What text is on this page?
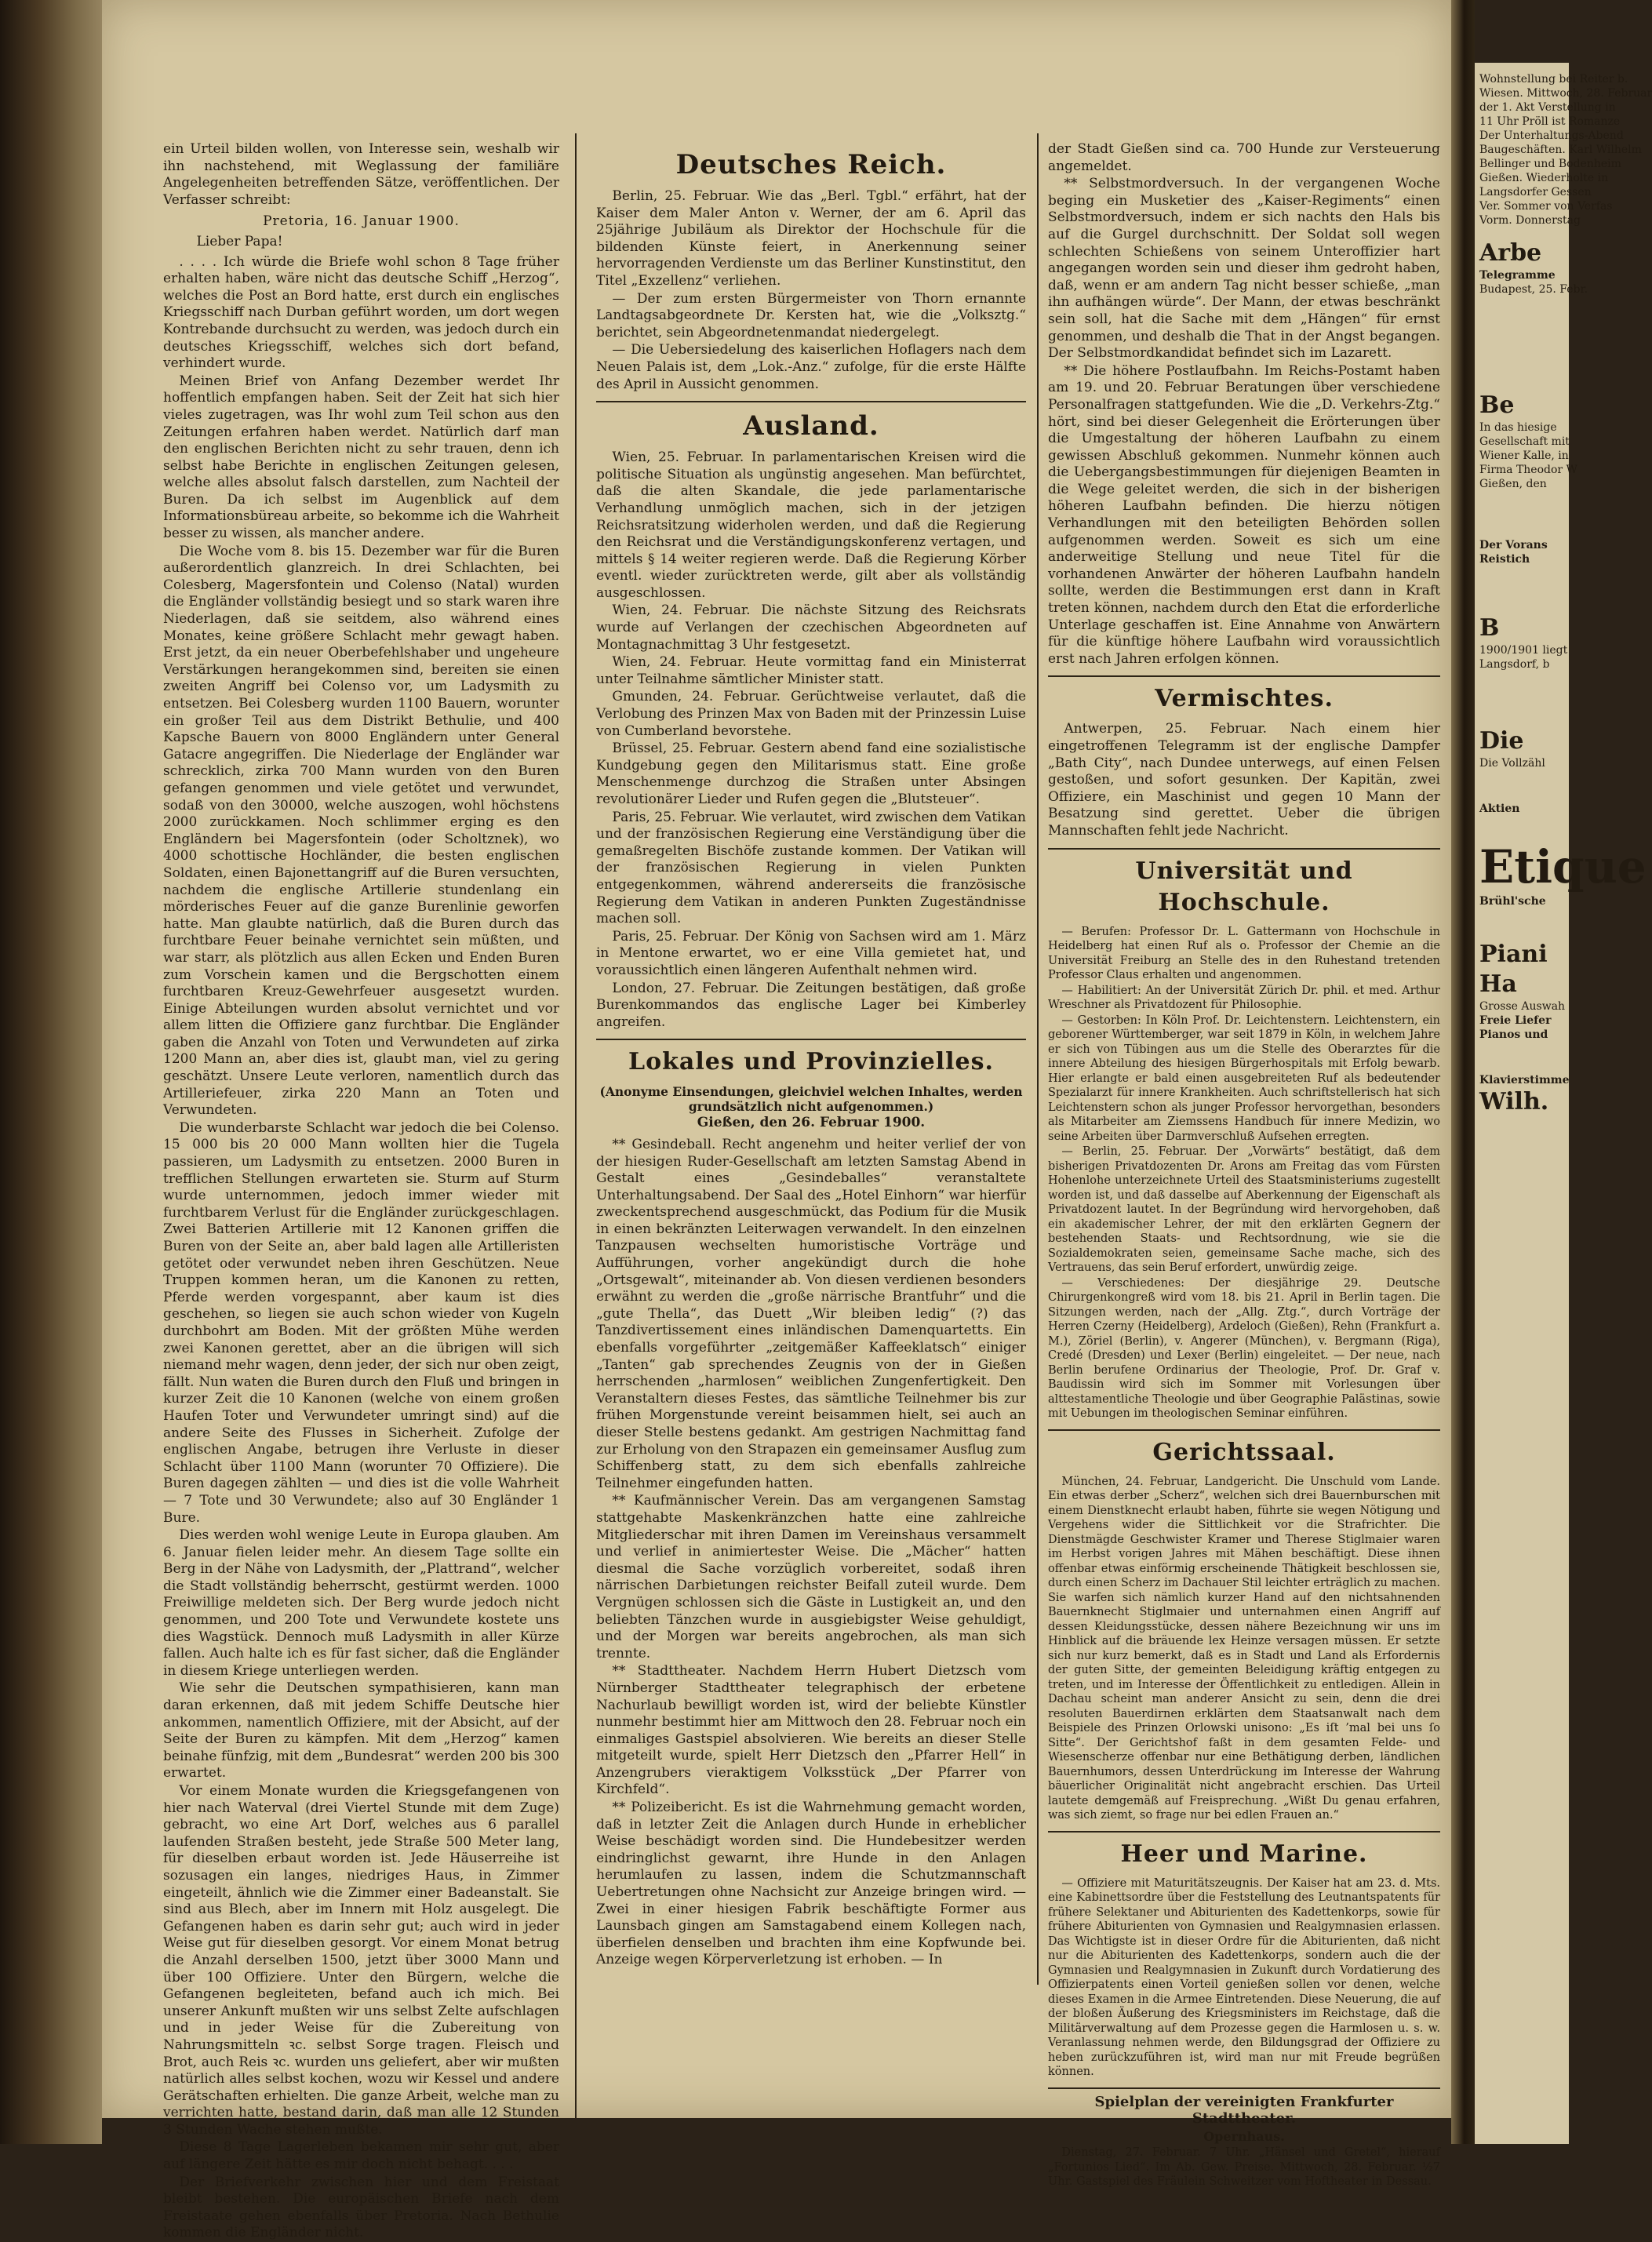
ein Urteil bilden wollen, von Interesse sein, weshalb wir ihn nachstehend, mit Weglassung der familiäre Angelegenheiten betreffenden Sätze, veröffentlichen. Der Verfasser schreibt:

Pretoria, 16. Januar 1900.

Lieber Papa!

. . . . Ich würde die Briefe wohl schon 8 Tage früher erhalten haben, wäre nicht das deutsche Schiff „Herzog“, welches die Post an Bord hatte, erst durch ein englisches Kriegsschiff nach Durban geführt worden, um dort wegen Kontrebande durchsucht zu werden, was jedoch durch ein deutsches Kriegsschiff, welches sich dort befand, verhindert wurde.

Meinen Brief von Anfang Dezember werdet Ihr hoffentlich empfangen haben. Seit der Zeit hat sich hier vieles zugetragen, was Ihr wohl zum Teil schon aus den Zeitungen erfahren haben werdet. Natürlich darf man den englischen Berichten nicht zu sehr trauen, denn ich selbst habe Berichte in englischen Zeitungen gelesen, welche alles absolut falsch darstellen, zum Nachteil der Buren. Da ich selbst im Augenblick auf dem Informationsbüreau arbeite, so bekomme ich die Wahrheit besser zu wissen, als mancher andere.

Die Woche vom 8. bis 15. Dezember war für die Buren außerordentlich glanzreich. In drei Schlachten, bei Colesberg, Magersfontein und Colenso (Natal) wurden die Engländer vollständig besiegt und so stark waren ihre Niederlagen, daß sie seitdem, also während eines Monates, keine größere Schlacht mehr gewagt haben. Erst jetzt, da ein neuer Oberbefehlshaber und ungeheure Verstärkungen herangekommen sind, bereiten sie einen zweiten Angriff bei Colenso vor, um Ladysmith zu entsetzen. Bei Colesberg wurden 1100 Bauern, worunter ein großer Teil aus dem Distrikt Bethulie, und 400 Kapsche Bauern von 8000 Engländern unter General Gatacre angegriffen. Die Niederlage der Engländer war schrecklich, zirka 700 Mann wurden von den Buren gefangen genommen und viele getötet und verwundet, sodaß von den 30000, welche auszogen, wohl höchstens 2000 zurückkamen. Noch schlimmer erging es den Engländern bei Magersfontein (oder Scholtznek), wo 4000 schottische Hochländer, die besten englischen Soldaten, einen Bajonettangriff auf die Buren versuchten, nachdem die englische Artillerie stundenlang ein mörderisches Feuer auf die ganze Burenlinie geworfen hatte. Man glaubte natürlich, daß die Buren durch das furchtbare Feuer beinahe vernichtet sein müßten, und war starr, als plötzlich aus allen Ecken und Enden Buren zum Vorschein kamen und die Bergschotten einem furchtbaren Kreuz-Gewehrfeuer ausgesetzt wurden. Einige Abteilungen wurden absolut vernichtet und vor allem litten die Offiziere ganz furchtbar. Die Engländer gaben die Anzahl von Toten und Verwundeten auf zirka 1200 Mann an, aber dies ist, glaubt man, viel zu gering geschätzt. Unsere Leute verloren, namentlich durch das Artilleriefeuer, zirka 220 Mann an Toten und Verwundeten.

Die wunderbarste Schlacht war jedoch die bei Colenso. 15 000 bis 20 000 Mann wollten hier die Tugela passieren, um Ladysmith zu entsetzen. 2000 Buren in trefflichen Stellungen erwarteten sie. Sturm auf Sturm wurde unternommen, jedoch immer wieder mit furchtbarem Verlust für die Engländer zurückgeschlagen. Zwei Batterien Artillerie mit 12 Kanonen griffen die Buren von der Seite an, aber bald lagen alle Artilleristen getötet oder verwundet neben ihren Geschützen. Neue Truppen kommen heran, um die Kanonen zu retten, Pferde werden vorgespannt, aber kaum ist dies geschehen, so liegen sie auch schon wieder von Kugeln durchbohrt am Boden. Mit der größten Mühe werden zwei Kanonen gerettet, aber an die übrigen will sich niemand mehr wagen, denn jeder, der sich nur oben zeigt, fällt. Nun waten die Buren durch den Fluß und bringen in kurzer Zeit die 10 Kanonen (welche von einem großen Haufen Toter und Verwundeter umringt sind) auf die andere Seite des Flusses in Sicherheit. Zufolge der englischen Angabe, betrugen ihre Verluste in dieser Schlacht über 1100 Mann (worunter 70 Offiziere). Die Buren dagegen zählten — und dies ist die volle Wahrheit — 7 Tote und 30 Verwundete; also auf 30 Engländer 1 Bure.

Dies werden wohl wenige Leute in Europa glauben. Am 6. Januar fielen leider mehr. An diesem Tage sollte ein Berg in der Nähe von Ladysmith, der „Plattrand“, welcher die Stadt vollständig beherrscht, gestürmt werden. 1000 Freiwillige meldeten sich. Der Berg wurde jedoch nicht genommen, und 200 Tote und Verwundete kostete uns dies Wagstück. Dennoch muß Ladysmith in aller Kürze fallen. Auch halte ich es für fast sicher, daß die Engländer in diesem Kriege unterliegen werden.

Wie sehr die Deutschen sympathisieren, kann man daran erkennen, daß mit jedem Schiffe Deutsche hier ankommen, namentlich Offiziere, mit der Absicht, auf der Seite der Buren zu kämpfen. Mit dem „Herzog“ kamen beinahe fünfzig, mit dem „Bundesrat“ werden 200 bis 300 erwartet.

Vor einem Monate wurden die Kriegsgefangenen von hier nach Waterval (drei Viertel Stunde mit dem Zuge) gebracht, wo eine Art Dorf, welches aus 6 parallel laufenden Straßen besteht, jede Straße 500 Meter lang, für dieselben erbaut worden ist. Jede Häuserreihe ist sozusagen ein langes, niedriges Haus, in Zimmer eingeteilt, ähnlich wie die Zimmer einer Badeanstalt. Sie sind aus Blech, aber im Innern mit Holz ausgelegt. Die Gefangenen haben es darin sehr gut; auch wird in jeder Weise gut für dieselben gesorgt. Vor einem Monat betrug die Anzahl derselben 1500, jetzt über 3000 Mann und über 100 Offiziere. Unter den Bürgern, welche die Gefangenen begleiteten, befand auch ich mich. Bei unserer Ankunft mußten wir uns selbst Zelte aufschlagen und in jeder Weise für die Zubereitung von Nahrungsmitteln ꝛc. selbst Sorge tragen. Fleisch und Brot, auch Reis ꝛc. wurden uns geliefert, aber wir mußten natürlich alles selbst kochen, wozu wir Kessel und andere Gerätschaften erhielten. Die ganze Arbeit, welche man zu verrichten hatte, bestand darin, daß man alle 12 Stunden 3 Stunden Wache stehen mußte.

Diese 8 Tage Lagerleben bekamen mir sehr gut, aber auf längere Zeit hätte es mir doch nicht behagt. . . .

Der Briefverkehr zwischen hier und dem Freistaat bleibt bestehen. Die europäischen Briefe nach dem Freistaate gehen ebenfalls über Pretoria. Nach Bethulie kommen die Engländer nicht.

Deutsches Reich.

Berlin, 25. Februar. Wie das „Berl. Tgbl.“ erfährt, hat der Kaiser dem Maler Anton v. Werner, der am 6. April das 25jährige Jubiläum als Direktor der Hochschule für die bildenden Künste feiert, in Anerkennung seiner hervorragenden Verdienste um das Berliner Kunstinstitut, den Titel „Exzellenz“ verliehen.

— Der zum ersten Bürgermeister von Thorn ernannte Landtagsabgeordnete Dr. Kersten hat, wie die „Volksztg.“ berichtet, sein Abgeordnetenmandat niedergelegt.

— Die Uebersiedelung des kaiserlichen Hoflagers nach dem Neuen Palais ist, dem „Lok.-Anz.“ zufolge, für die erste Hälfte des April in Aussicht genommen.

Ausland.

Wien, 25. Februar. In parlamentarischen Kreisen wird die politische Situation als ungünstig angesehen. Man befürchtet, daß die alten Skandale, die jede parlamentarische Verhandlung unmöglich machen, sich in der jetzigen Reichsratsitzung widerholen werden, und daß die Regierung den Reichsrat und die Verständigungskonferenz vertagen, und mittels § 14 weiter regieren werde. Daß die Regierung Körber eventl. wieder zurücktreten werde, gilt aber als vollständig ausgeschlossen.

Wien, 24. Februar. Die nächste Sitzung des Reichsrats wurde auf Verlangen der czechischen Abgeordneten auf Montagnachmittag 3 Uhr festgesetzt.

Wien, 24. Februar. Heute vormittag fand ein Ministerrat unter Teilnahme sämtlicher Minister statt.

Gmunden, 24. Februar. Gerüchtweise verlautet, daß die Verlobung des Prinzen Max von Baden mit der Prinzessin Luise von Cumberland bevorstehe.

Brüssel, 25. Februar. Gestern abend fand eine sozialistische Kundgebung gegen den Militarismus statt. Eine große Menschenmenge durchzog die Straßen unter Absingen revolutionärer Lieder und Rufen gegen die „Blutsteuer“.

Paris, 25. Februar. Wie verlautet, wird zwischen dem Vatikan und der französischen Regierung eine Verständigung über die gemaßregelten Bischöfe zustande kommen. Der Vatikan will der französischen Regierung in vielen Punkten entgegenkommen, während andererseits die französische Regierung dem Vatikan in anderen Punkten Zugeständnisse machen soll.

Paris, 25. Februar. Der König von Sachsen wird am 1. März in Mentone erwartet, wo er eine Villa gemietet hat, und voraussichtlich einen längeren Aufenthalt nehmen wird.

London, 27. Februar. Die Zeitungen bestätigen, daß große Burenkommandos das englische Lager bei Kimberley angreifen.

Lokales und Provinzielles.

(Anonyme Einsendungen, gleichviel welchen Inhaltes, werden grundsätzlich nicht aufgenommen.)

Gießen, den 26. Februar 1900.

** Gesindeball. Recht angenehm und heiter verlief der von der hiesigen Ruder-Gesellschaft am letzten Samstag Abend in Gestalt eines „Gesindeballes“ veranstaltete Unterhaltungsabend. Der Saal des „Hotel Einhorn“ war hierfür zweckentsprechend ausgeschmückt, das Podium für die Musik in einen bekränzten Leiterwagen verwandelt. In den einzelnen Tanzpausen wechselten humoristische Vorträge und Aufführungen, vorher angekündigt durch die hohe „Ortsgewalt“, miteinander ab. Von diesen verdienen besonders erwähnt zu werden die „große närrische Brantfuhr“ und die „gute Thella“, das Duett „Wir bleiben ledig“ (?) das Tanzdivertissement eines inländischen Damenquartetts. Ein ebenfalls vorgeführter „zeitgemäßer Kaffeeklatsch“ einiger „Tanten“ gab sprechendes Zeugnis von der in Gießen herrschenden „harmlosen“ weiblichen Zungenfertigkeit. Den Veranstaltern dieses Festes, das sämtliche Teilnehmer bis zur frühen Morgenstunde vereint beisammen hielt, sei auch an dieser Stelle bestens gedankt. Am gestrigen Nachmittag fand zur Erholung von den Strapazen ein gemeinsamer Ausflug zum Schiffenberg statt, zu dem sich ebenfalls zahlreiche Teilnehmer eingefunden hatten.

** Kaufmännischer Verein. Das am vergangenen Samstag stattgehabte Maskenkränzchen hatte eine zahlreiche Mitgliederschar mit ihren Damen im Vereinshaus versammelt und verlief in animiertester Weise. Die „Mächer“ hatten diesmal die Sache vorzüglich vorbereitet, sodaß ihren närrischen Darbietungen reichster Beifall zuteil wurde. Dem Vergnügen schlossen sich die Gäste in Lustigkeit an, und den beliebten Tänzchen wurde in ausgiebigster Weise gehuldigt, und der Morgen war bereits angebrochen, als man sich trennte.

** Stadttheater. Nachdem Herrn Hubert Dietzsch vom Nürnberger Stadttheater telegraphisch der erbetene Nachurlaub bewilligt worden ist, wird der beliebte Künstler nunmehr bestimmt hier am Mittwoch den 28. Februar noch ein einmaliges Gastspiel absolvieren. Wie bereits an dieser Stelle mitgeteilt wurde, spielt Herr Dietzsch den „Pfarrer Hell“ in Anzengrubers vieraktigem Volksstück „Der Pfarrer von Kirchfeld“.

** Polizeibericht. Es ist die Wahrnehmung gemacht worden, daß in letzter Zeit die Anlagen durch Hunde in erheblicher Weise beschädigt worden sind. Die Hundebesitzer werden eindringlichst gewarnt, ihre Hunde in den Anlagen herumlaufen zu lassen, indem die Schutzmannschaft Uebertretungen ohne Nachsicht zur Anzeige bringen wird. — Zwei in einer hiesigen Fabrik beschäftigte Former aus Launsbach gingen am Samstagabend einem Kollegen nach, überfielen denselben und brachten ihm eine Kopfwunde bei. Anzeige wegen Körperverletzung ist erhoben. — In

der Stadt Gießen sind ca. 700 Hunde zur Versteuerung angemeldet.

** Selbstmordversuch. In der vergangenen Woche beging ein Musketier des „Kaiser-Regiments“ einen Selbstmordversuch, indem er sich nachts den Hals bis auf die Gurgel durchschnitt. Der Soldat soll wegen schlechten Schießens von seinem Unteroffizier hart angegangen worden sein und dieser ihm gedroht haben, daß, wenn er am andern Tag nicht besser schieße, „man ihn aufhängen würde“. Der Mann, der etwas beschränkt sein soll, hat die Sache mit dem „Hängen“ für ernst genommen, und deshalb die That in der Angst begangen. Der Selbstmordkandidat befindet sich im Lazarett.

** Die höhere Postlaufbahn. Im Reichs-Postamt haben am 19. und 20. Februar Beratungen über verschiedene Personalfragen stattgefunden. Wie die „D. Verkehrs-Ztg.“ hört, sind bei dieser Gelegenheit die Erörterungen über die Umgestaltung der höheren Laufbahn zu einem gewissen Abschluß gekommen. Nunmehr können auch die Uebergangsbestimmungen für diejenigen Beamten in die Wege geleitet werden, die sich in der bisherigen höheren Laufbahn befinden. Die hierzu nötigen Verhandlungen mit den beteiligten Behörden sollen aufgenommen werden. Soweit es sich um eine anderweitige Stellung und neue Titel für die vorhandenen Anwärter der höheren Laufbahn handeln sollte, werden die Bestimmungen erst dann in Kraft treten können, nachdem durch den Etat die erforderliche Unterlage geschaffen ist. Eine Annahme von Anwärtern für die künftige höhere Laufbahn wird voraussichtlich erst nach Jahren erfolgen können.

Vermischtes.

Antwerpen, 25. Februar. Nach einem hier eingetroffenen Telegramm ist der englische Dampfer „Bath City“, nach Dundee unterwegs, auf einen Felsen gestoßen, und sofort gesunken. Der Kapitän, zwei Offiziere, ein Maschinist und gegen 10 Mann der Besatzung sind gerettet. Ueber die übrigen Mannschaften fehlt jede Nachricht.

Universität und Hochschule.

— Berufen: Professor Dr. L. Gattermann von Hochschule in Heidelberg hat einen Ruf als o. Professor der Chemie an die Universität Freiburg an Stelle des in den Ruhestand tretenden Professor Claus erhalten und angenommen.

— Habilitiert: An der Universität Zürich Dr. phil. et med. Arthur Wreschner als Privatdozent für Philosophie.

— Gestorben: In Köln Prof. Dr. Leichtenstern. Leichtenstern, ein geborener Württemberger, war seit 1879 in Köln, in welchem Jahre er sich von Tübingen aus um die Stelle des Oberarztes für die innere Abteilung des hiesigen Bürgerhospitals mit Erfolg bewarb. Hier erlangte er bald einen ausgebreiteten Ruf als bedeutender Spezialarzt für innere Krankheiten. Auch schriftstellerisch hat sich Leichtenstern schon als junger Professor hervorgethan, besonders als Mitarbeiter am Ziemssens Handbuch für innere Medizin, wo seine Arbeiten über Darmverschluß Aufsehen erregten.

— Berlin, 25. Februar. Der „Vorwärts“ bestätigt, daß dem bisherigen Privatdozenten Dr. Arons am Freitag das vom Fürsten Hohenlohe unterzeichnete Urteil des Staatsministeriums zugestellt worden ist, und daß dasselbe auf Aberkennung der Eigenschaft als Privatdozent lautet. In der Begründung wird hervorgehoben, daß ein akademischer Lehrer, der mit den erklärten Gegnern der bestehenden Staats- und Rechtsordnung, wie sie die Sozialdemokraten seien, gemeinsame Sache mache, sich des Vertrauens, das sein Beruf erfordert, unwürdig zeige.

— Verschiedenes: Der diesjährige 29. Deutsche Chirurgenkongreß wird vom 18. bis 21. April in Berlin tagen. Die Sitzungen werden, nach der „Allg. Ztg.“, durch Vorträge der Herren Czerny (Heidelberg), Ardeloch (Gießen), Rehn (Frankfurt a. M.), Zöriel (Berlin), v. Angerer (München), v. Bergmann (Riga), Credé (Dresden) und Lexer (Berlin) eingeleitet. — Der neue, nach Berlin berufene Ordinarius der Theologie, Prof. Dr. Graf v. Baudissin wird sich im Sommer mit Vorlesungen über alttestamentliche Theologie und über Geographie Palästinas, sowie mit Uebungen im theologischen Seminar einführen.

Gerichtssaal.

München, 24. Februar, Landgericht. Die Unschuld vom Lande. Ein etwas derber „Scherz“, welchen sich drei Bauernburschen mit einem Dienstknecht erlaubt haben, führte sie wegen Nötigung und Vergehens wider die Sittlichkeit vor die Strafrichter. Die Dienstmägde Geschwister Kramer und Therese Stiglmaier waren im Herbst vorigen Jahres mit Mähen beschäftigt. Diese ihnen offenbar etwas einförmig erscheinende Thätigkeit beschlossen sie, durch einen Scherz im Dachauer Stil leichter erträglich zu machen. Sie warfen sich nämlich kurzer Hand auf den nichtsahnenden Bauernknecht Stiglmaier und unternahmen einen Angriff auf dessen Kleidungsstücke, dessen nähere Bezeichnung wir uns im Hinblick auf die bräuende lex Heinze versagen müssen. Er setzte sich nur kurz bemerkt, daß es in Stadt und Land als Erfordernis der guten Sitte, der gemeinten Beleidigung kräftig entgegen zu treten, und im Interesse der Öffentlichkeit zu entledigen. Allein in Dachau scheint man anderer Ansicht zu sein, denn die drei resoluten Bauerdirnen erklärten dem Staatsanwalt nach dem Beispiele des Prinzen Orlowski unisono: „Es iſt ’mal bei uns ſo Sitte“. Der Gerichtshof faßt in dem gesamten Felde- und Wiesenscherze offenbar nur eine Bethätigung derben, ländlichen Bauernhumors, dessen Unterdrückung im Interesse der Wahrung bäuerlicher Originalität nicht angebracht erschien. Das Urteil lautete demgemäß auf Freisprechung. „Wißt Du genau erfahren, was sich ziemt, so frage nur bei edlen Frauen an.“

Heer und Marine.

— Offiziere mit Maturitätszeugnis. Der Kaiser hat am 23. d. Mts. eine Kabinettsordre über die Feststellung des Leutnantspatents für frühere Selektaner und Abiturienten des Kadettenkorps, sowie für frühere Abiturienten von Gymnasien und Realgymnasien erlassen. Das Wichtigste ist in dieser Ordre für die Abiturienten, daß nicht nur die Abiturienten des Kadettenkorps, sondern auch die der Gymnasien und Realgymnasien in Zukunft durch Vordatierung des Offizierpatents einen Vorteil genießen sollen vor denen, welche dieses Examen in die Armee Eintretenden. Diese Neuerung, die auf der bloßen Äußerung des Kriegsministers im Reichstage, daß die Militärverwaltung auf dem Prozesse gegen die Harmlosen u. s. w. Veranlassung nehmen werde, den Bildungsgrad der Offiziere zu heben zurückzuführen ist, wird man nur mit Freude begrüßen können.

Spielplan der vereinigten Frankfurter Stadttheater.

Opernhaus.

Dienstag, 27. Februar. 7 Uhr. „Hänsel und Gretel“, hierauf „Fortunios Lied“. Im Ab. Gew. Preise. Mittwoch, 28. Februar. ½7 Uhr. Gastspiel des Fräulein Schweitzer vom Hoftheater in Dessau.

Wohnstellung bei Reiter b.
Wiesen. Mittwoch, 28. Februar
der 1. Akt Verstellung in
11 Uhr Pröll ist Romanze
Der Unterhaltungs-Abend
Baugeschäften. Karl Wilhelm
Bellinger und Bodenheim
Gießen. Wiederholte in
Langsdorfer Gessen
Ver. Sommer von Verfas
Vorm. Donnerstag
Arbe
Telegramme
Budapest, 25. Febr.
Be
In das hiesige
Gesellschaft mit
Wiener Kalle, in
Firma Theodor W
Gießen, den
Der Vorans
Reistich
B
1900/1901 liegt
Langsdorf, b
Die
Die Vollzähl
Aktien
Etique
Brühl'sche
Piani
Ha
Grosse Auswah
Freie Liefer
Pianos und
Klavierstimme
Wilh.
